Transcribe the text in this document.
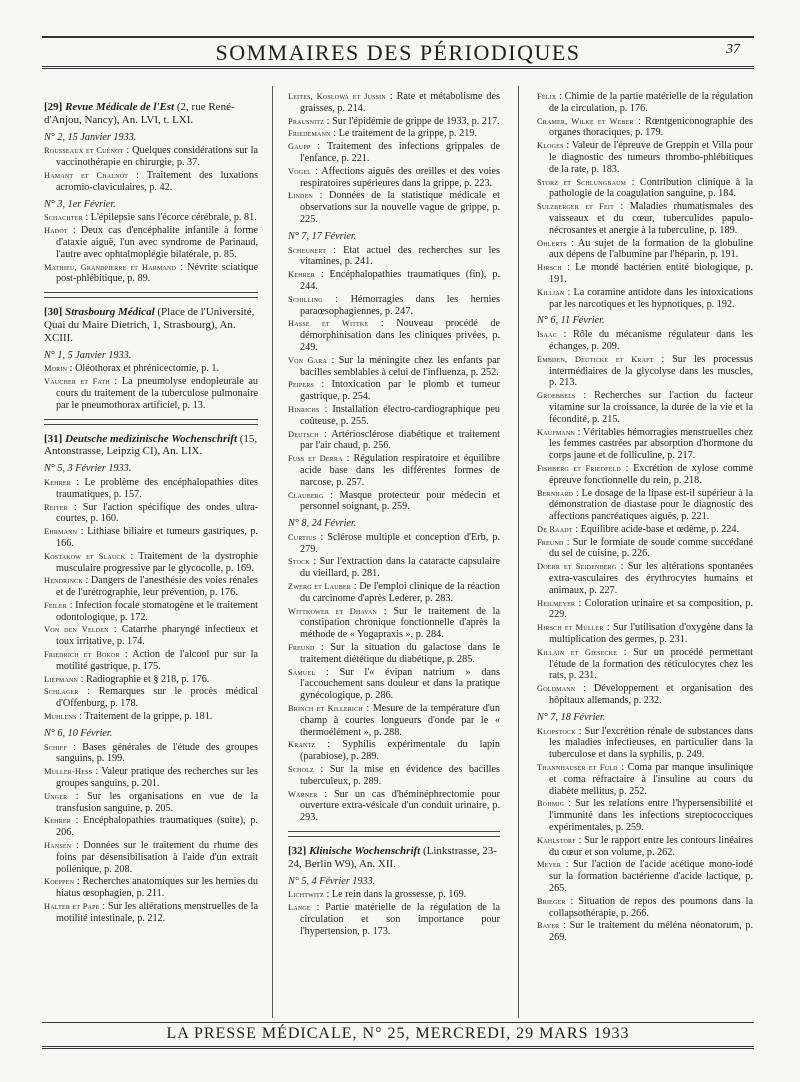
SOMMAIRES DES PÉRIODIQUES	37
[29] Revue Médicale de l'Est (2, rue René-d'Anjou, Nancy), An. LVI, t. LXI.
N° 2, 15 Janvier 1933.
Rousseaux et Cuénot : Quelques considérations sur la vaccinothérapie en chirurgie, p. 37.
Hamant et Chalnot : Traitement des luxations acromio-claviculaires, p. 42.
N° 3, 1er Février.
Schachter : L'épilepsie sans l'écorce cérébrale, p. 81.
Hadot : Deux cas d'encéphalite infantile à forme d'ataxie aiguë, l'un avec syndrome de Parinaud, l'autre avec ophtalmoplégie bilatérale, p. 85.
Mathieu, Grandpierre et Harmand : Névrite sciatique post-phlébitique, p. 89.
[30] Strasbourg Médical (Place de l'Université, Quai du Maire Dietrich, 1, Strasbourg), An. XCIII.
N° 1, 5 Janvier 1933.
Morin : Oléothorax et phrénicectomie, p. 1.
Vaucher et Fath : La pneumolyse endopleurale au cours du traitement de la tuberculose pulmonaire par le pneumothorax artificiel, p. 13.
[31] Deutsche medizinische Wochenschrift (15, Antonstrasse, Leipzig CI), An. LIX.
N° 5, 3 Février 1933.
Kehrer : Le problème des encéphalopathies dites traumatiques, p. 157.
Reiter : Sur l'action spécifique des ondes ultra-courtes, p. 160.
Ehrmann : Lithiase biliaire et tumeurs gastriques, p. 166.
Kostakow et Slauck : Traitement de la dystrophie musculaire progressive par le glycocolle, p. 169.
Hendrinck : Dangers de l'anesthésie des voies rénales et de l'urétrographie, leur prévention, p. 176.
Feiler : Infection focale stomatogène et le traitement odontologique, p. 172.
Von den Velden : Catarrhe pharyngé infectieux et toux irritative, p. 174.
Friedrich et Bokor : Action de l'alcool pur sur la motilité gastrique, p. 175.
Liepmann : Radiographie et § 218, p. 176.
Schlager : Remarques sur le procès médical d'Offenburg, p. 178.
Muhlens : Traitement de la grippe, p. 181.
N° 6, 10 Février.
Schiff : Bases générales de l'étude des groupes sanguins, p. 199.
Muller-Hess : Valeur pratique des recherches sur les groupes sanguins, p. 201.
Unger : Sur les organisations en vue de la transfusion sanguine, p. 205.
Kehrer : Encéphalopathies traumatiques (suite), p. 206.
Hansen : Données sur le traitement du rhume des foins par désensibilisation à l'aide d'un extrait pollénique, p. 208.
Koeppen : Recherches anatomiques sur les hernies du hiatus œsophagien, p. 211.
Halter et Pape : Sur les altérations menstruelles de la motilité intestinale, p. 212.
Leites, Koslowa et Jussin : Rate et métabolisme des graisses, p. 214.
Prausnitz : Sur l'épidémie de grippe de 1933, p. 217.
Friedemann : Le traitement de la grippe, p. 219.
Gaupp : Traitement des infections grippales de l'enfance, p. 221.
Vogel : Affections aiguës des oreilles et des voies respiratoires supérieures dans la grippe, p. 223.
Linden : Données de la statistique médicale et observations sur la nouvelle vague de grippe, p. 225.
N° 7, 17 Février.
Scheunert : Etat actuel des recherches sur les vitamines, p. 241.
Kehrer : Encéphalopathies traumatiques (fin), p. 244.
Schilling : Hémorragies dans les hernies paraœsophagiennes, p. 247.
Hasse et Wittke : Nouveau procédé de démorphinisation dans les cliniques privées, p. 249.
Von Gara : Sur la méningite chez les enfants par bacilles semblables à celui de l'influenza, p. 252.
Peipers : Intoxication par le plomb et tumeur gastrique, p. 254.
Hinrichs : Installation électro-cardiographique peu coûteuse, p. 255.
Deutsch : Artériosclérose diabétique et traitement par l'air chaud, p. 256.
Fuss et Derra : Régulation respiratoire et équilibre acide base dans les différentes formes de narcose, p. 257.
Clauberg : Masque protecteur pour médecin et personnel soignant, p. 259.
N° 8, 24 Février.
Curtius : Sclérose multiple et conception d'Erb, p. 279.
Stock : Sur l'extraction dans la cataracte capsulaire du vieillard, p. 281.
Zwerg et Lauber : De l'emploi clinique de la réaction du carcinome d'après Lederer, p. 283.
Wittkower et Dhavan : Sur le traitement de la constipation chronique fonctionnelle d'après la méthode de « Yogapraxis », p. 284.
Freund : Sur la situation du galactose dans le traitement diététique du diabétique, p. 285.
Samuel : Sur l'« évipan natrium » dans l'accouchement sans douleur et dans la pratique gynécologique, p. 286.
Brinch et Killerich : Mesure de la température d'un champ à courtes longueurs d'onde par le « thermoélément », p. 288.
Krantz : Syphilis expérimentale du lapin (parabiose), p. 289.
Scholz : Sur la mise en évidence des bacilles tuberculeux, p. 289.
Warner : Sur un cas d'héminéphrectomie pour ouverture extra-vésicale d'un conduit urinaire, p. 293.
[32] Klinische Wochenschrift (Linkstrasse, 23-24, Berlin W9), An. XII.
N° 5, 4 Février 1933.
Lichtwitz : Le rein dans la grossesse, p. 169.
Lange : Partie matérielle de la régulation de la circulation et son importance pour l'hypertension, p. 173.
Félix : Chimie de la partie matérielle de la régulation de la circulation, p. 176.
Cramer, Wilke et Weber : Rœntgeniconographie des organes thoraciques, p. 179.
Kloges : Valeur de l'épreuve de Greppin et Villa pour le diagnostic des tumeurs thrombo-phlébitiques de la rate, p. 183.
Storz et Schlungbaum : Contribution clinique à la pathologie de la coagulation sanguine, p. 184.
Sulzberger et Feit : Maladies rhumatismales des vaisseaux et du cœur, tuberculides papulo-nécrosantes et anergie à la tuberculine, p. 189.
Ohlerts : Au sujet de la formation de la globuline aux dépens de l'albumine par l'héparin, p. 191.
Hirsch : Le mondé bactérien entité biologique, p. 191.
Killian : La coramine antidote dans les intoxications par les narcotiques et les hypnotiques, p. 192.
N° 6, 11 Février.
Isaac : Rôle du mécanisme régulateur dans les échanges, p. 209.
Embden, Deuticke et Kraft : Sur les processus intermédiaires de la glycolyse dans les muscles, p. 213.
Groebbels : Recherches sur l'action du facteur vitamine sur la croissance, la durée de la vie et la fécondité, p. 215.
Kaufmann : Véritables hémorragies menstruelles chez les femmes castrées par absorption d'hormone du corps jaune et de folliculine, p. 217.
Fishberg et Friedfeld : Excrétion de xylose comme épreuve fonctionnelle du rein, p. 218.
Bernhard : Le dosage de la lipase est-il supérieur à la démonstration de diastase pour le diagnostic des affections pancréatiques aiguës, p. 221.
De Raadt : Equilibre acide-base et œdème, p. 224.
Freund : Sur le formiate de soude comme succédané du sel de cuisine, p. 226.
Doerr et Seidenberg : Sur les altérations spontanées extra-vasculaires des érythrocytes humains et animaux, p. 227.
Heilmeyer : Coloration urinaire et sa composition, p. 229.
Hirsch et Muller : Sur l'utilisation d'oxygène dans la multiplication des germes, p. 231.
Killain et Giesecke : Sur un procédé permettant l'étude de la formation des réticulocytes chez les rats, p. 231.
Goldmann : Développement et organisation des hôpitaux allemands, p. 232.
N° 7, 18 Février.
Klopstock : Sur l'excrétion rénale de substances dans les maladies infectieuses, en particulier dans la tuberculose et dans la syphilis, p. 249.
Thannhauser et Fuld : Coma par manque insulinique et coma réfractaire à l'insuline au cours du diabète mellitus, p. 252.
Bohmig : Sur les relations entre l'hypersensibilité et l'immunité dans les infections streptococciques expérimentales, p. 259.
Kahlstorf : Sur le rapport entre les contours linéaires du cœur et son volume, p. 262.
Meyer : Sur l'action de l'acide acétique mono-iodé sur la formation bactérienne d'acide lactique, p. 265.
Brieger : Situation de repos des poumons dans la collapsothérapie, p. 266.
Bayer : Sur le traitement du méléna néonatorum, p. 269.
LA PRESSE MÉDICALE, N° 25, MERCREDI, 29 MARS 1933
